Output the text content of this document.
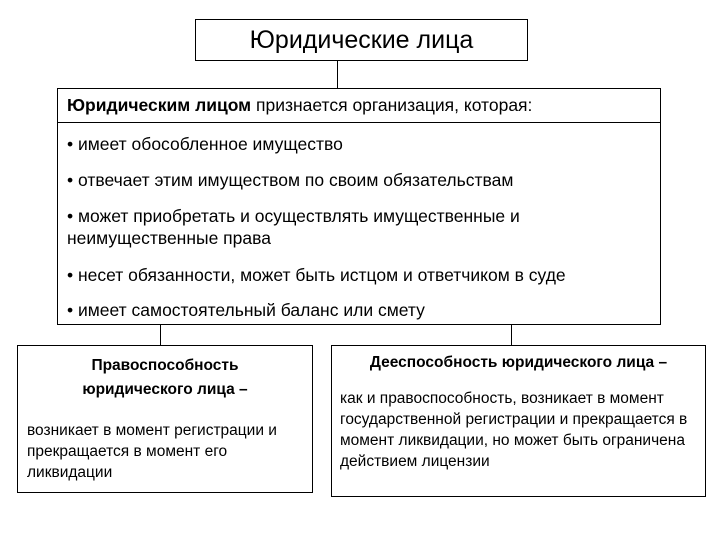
Юридические лица
Юридическим лицом признается организация, которая:
• имеет обособленное имущество
• отвечает этим имуществом по своим обязательствам
• может приобретать и осуществлять имущественные и неимущественные права
• несет обязанности, может быть истцом и ответчиком в суде
• имеет самостоятельный баланс или смету
Правоспособность юридического лица –
возникает в момент регистрации и прекращается в момент его ликвидации
Дееспособность юридического лица –
как и правоспособность, возникает в момент государственной регистрации и прекращается в момент ликвидации, но может быть ограничена действием лицензии
